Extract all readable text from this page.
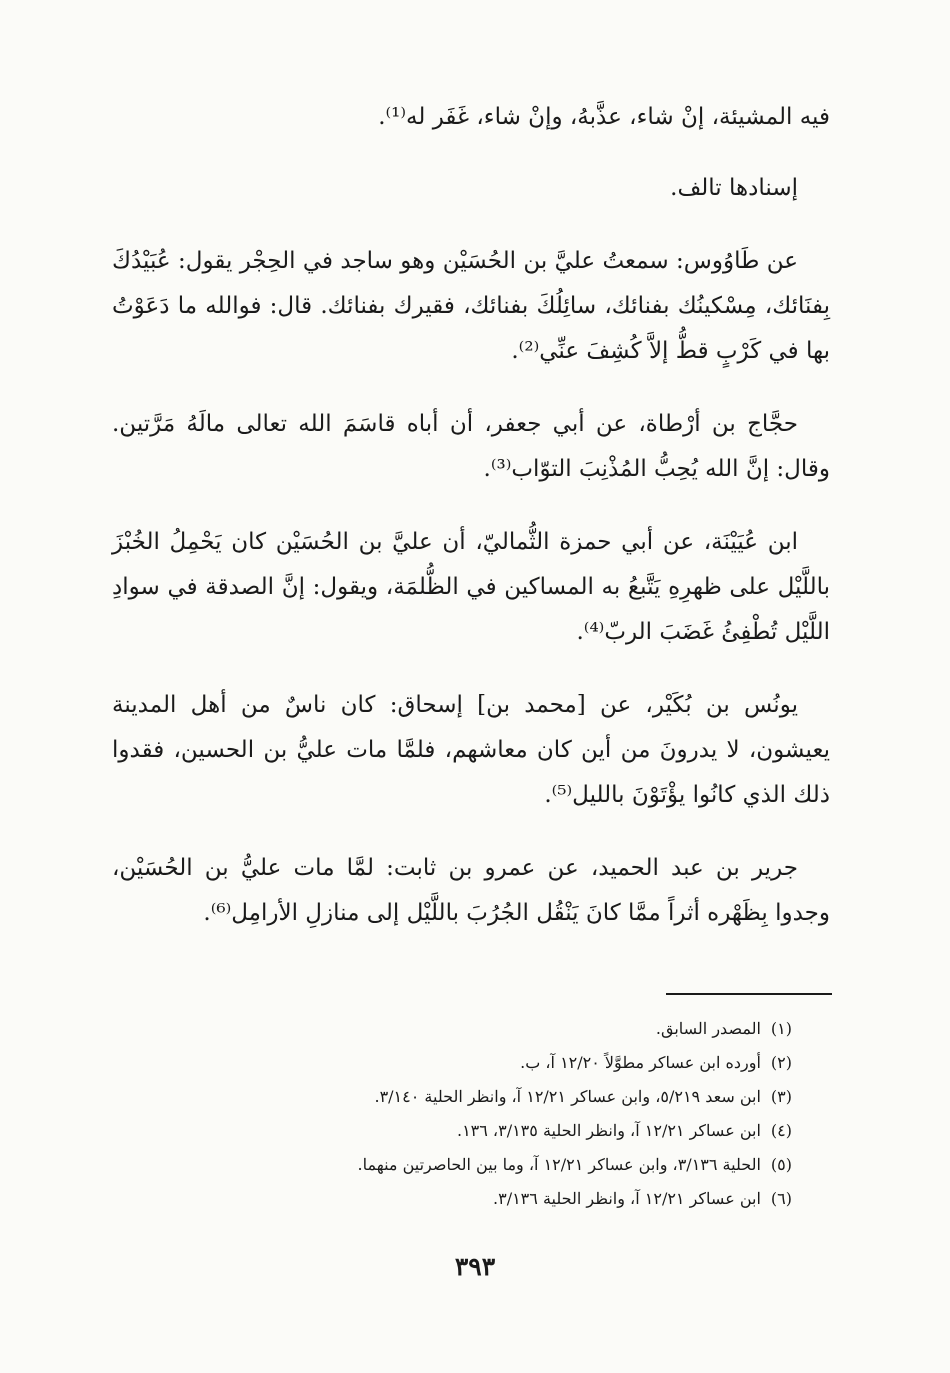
فيه المشيئة، إنْ شاء، عذَّبهُ، وإنْ شاء، غَفَر له⁽¹⁾.

إسنادها تالف.

عن طَاوُوس: سمعتُ عليَّ بن الحُسَيْن وهو ساجد في الحِجْر يقول: عُبَيْدُكَ بِفنَائك، مِسْكينُك بفنائك، سائِلُكَ بفنائك، فقيرك بفنائك. قال: فوالله ما دَعَوْتُ بها في كَرْبٍ قطُّ إلاَّ كُشِفَ عنِّي⁽²⁾.

حجَّاج بن أرْطاة، عن أبي جعفر، أن أباه قاسَمَ الله تعالى مالَهُ مَرَّتين. وقال: إنَّ الله يُحِبُّ المُذْنِبَ التوّاب⁽³⁾.

ابن عُيَيْنَة، عن أبي حمزة الثُّماليّ، أن عليَّ بن الحُسَيْن كان يَحْمِلُ الخُبْزَ باللَّيْل على ظهرِهِ يَتَّبعُ به المساكين في الظُّلمَة، ويقول: إنَّ الصدقة في سوادِ اللَّيْل تُطْفِئُ غَضَبَ الربّ⁽⁴⁾.

يونُس بن بُكَيْر، عن [محمد بن] إسحاق: كان ناسٌ من أهل المدينة يعيشون، لا يدرونَ من أين كان معاشهم، فلمَّا مات عليُّ بن الحسين، فقدوا ذلك الذي كانُوا يؤْتَوْنَ بالليل⁽⁵⁾.

جرير بن عبد الحميد، عن عمرو بن ثابت: لمَّا مات عليُّ بن الحُسَيْن، وجدوا بِظَهْره أثراً ممَّا كانَ يَنْقُل الجُرُبَ باللَّيْل إلى منازلِ الأرامِل⁽⁶⁾.

(١)المصدر السابق.
(٢)أورده ابن عساكر مطوَّلاً ١٢/٢٠ آ، ب.
(٣)ابن سعد ٥/٢١٩، وابن عساكر ١٢/٢١ آ، وانظر الحلية ٣/١٤٠.
(٤)ابن عساكر ١٢/٢١ آ، وانظر الحلية ٣/١٣٥، ١٣٦.
(٥)الحلية ٣/١٣٦، وابن عساكر ١٢/٢١ آ، وما بين الحاصرتين منهما.
(٦)ابن عساكر ١٢/٢١ آ، وانظر الحلية ٣/١٣٦.
٣٩٣
